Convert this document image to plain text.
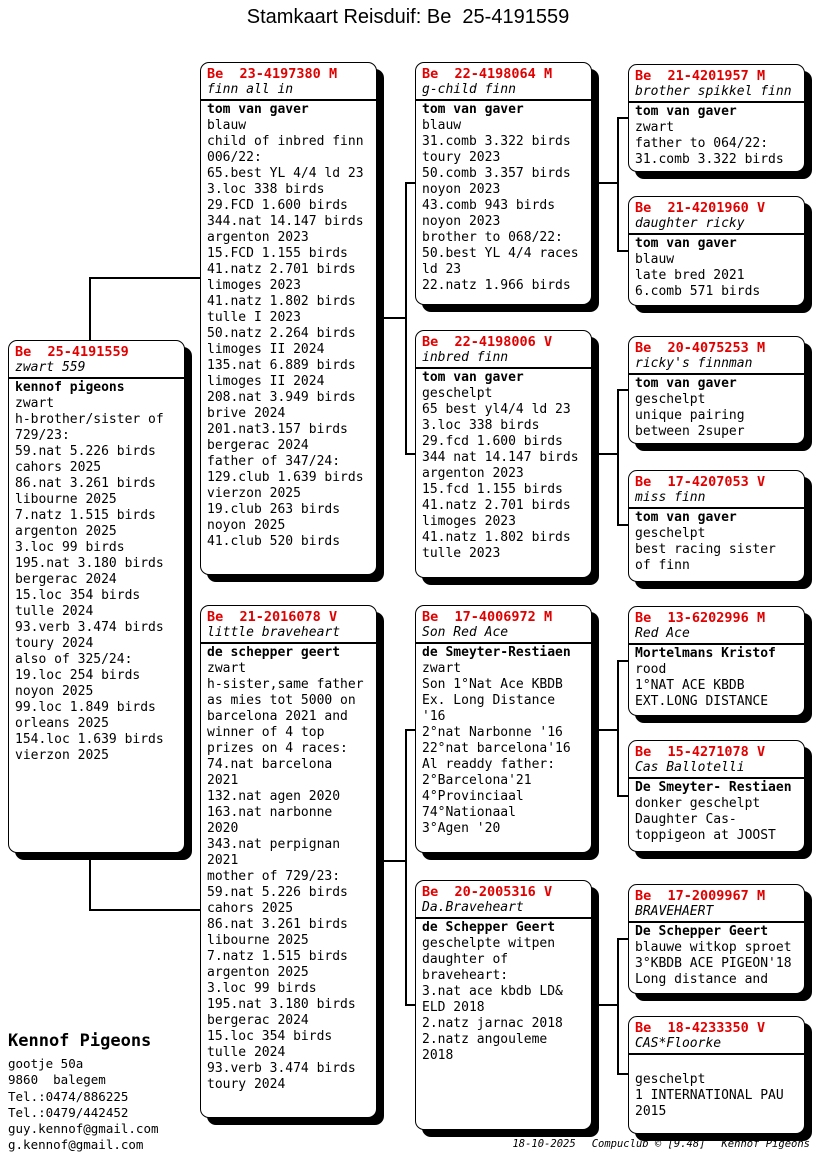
Stamkaart Reisduif: Be  25-4191559
Be 25-4191559
zwart 559
kennof pigeons
zwart
h-brother/sister of
729/23:
59.nat 5.226 birds
cahors 2025
86.nat 3.261 birds
libourne 2025
7.natz 1.515 birds
argenton 2025
3.loc 99 birds
195.nat 3.180 birds
bergerac 2024
15.loc 354 birds
tulle 2024
93.verb 3.474 birds
toury 2024
also of 325/24:
19.loc 254 birds
noyon 2025
99.loc 1.849 birds
orleans 2025
154.loc 1.639 birds
vierzon 2025
Be 23-4197380 M
finn all in
tom van gaver
blauw
child of inbred finn
006/22:
65.best YL 4/4 ld 23
3.loc 338 birds
29.FCD 1.600 birds
344.nat 14.147 birds
argenton 2023
15.FCD 1.155 birds
41.natz 2.701 birds
limoges 2023
41.natz 1.802 birds
tulle I 2023
50.natz 2.264 birds
limoges II 2024
135.nat 6.889 birds
limoges II 2024
208.nat 3.949 birds
brive 2024
201.nat3.157 birds
bergerac 2024
father of 347/24:
129.club 1.639 birds
vierzon 2025
19.club 263 birds
noyon 2025
41.club 520 birds
Be 21-2016078 V
little braveheart
de schepper geert
zwart
h-sister,same father
as mies tot 5000 on
barcelona 2021 and
winner of 4 top
prizes on 4 races:
74.nat barcelona
2021
132.nat agen 2020
163.nat narbonne
2020
343.nat perpignan
2021
mother of 729/23:
59.nat 5.226 birds
cahors 2025
86.nat 3.261 birds
libourne 2025
7.natz 1.515 birds
argenton 2025
3.loc 99 birds
195.nat 3.180 birds
bergerac 2024
15.loc 354 birds
tulle 2024
93.verb 3.474 birds
toury 2024
Be 22-4198064 M
g-child finn
tom van gaver
blauw
31.comb 3.322 birds
toury 2023
50.comb 3.357 birds
noyon 2023
43.comb 943 birds
noyon 2023
brother to 068/22:
50.best YL 4/4 races
ld 23
22.natz 1.966 birds
Be 22-4198006 V
inbred finn
tom van gaver
geschelpt
65 best yl4/4 ld 23
3.loc 338 birds
29.fcd 1.600 birds
344 nat 14.147 birds
argenton 2023
15.fcd 1.155 birds
41.natz 2.701 birds
limoges 2023
41.natz 1.802 birds
tulle 2023
Be 17-4006972 M
Son Red Ace
de Smeyter-Restiaen
zwart
Son 1°Nat Ace KBDB
Ex. Long Distance
'16
2°nat Narbonne '16
22°nat barcelona'16
Al readdy father:
2°Barcelona'21
4°Provinciaal
74°Nationaal
3°Agen '20
Be 20-2005316 V
Da.Braveheart
de Schepper Geert
geschelpte witpen
daughter of
braveheart:
3.nat ace kbdb LD&
ELD 2018
2.natz jarnac 2018
2.natz angouleme
2018
Be 21-4201957 M
brother spikkel finn
tom van gaver
zwart
father to 064/22:
31.comb 3.322 birds
Be 21-4201960 V
daughter ricky
tom van gaver
blauw
late bred 2021
6.comb 571 birds
Be 20-4075253 M
ricky's finnman
tom van gaver
geschelpt
unique pairing
between 2super
Be 17-4207053 V
miss finn
tom van gaver
geschelpt
best racing sister
of finn
Be 13-6202996 M
Red Ace
Mortelmans Kristof
rood
1°NAT ACE KBDB
EXT.LONG DISTANCE
Be 15-4271078 V
Cas Ballotelli
De Smeyter- Restiaen
donker geschelpt
Daughter Cas-
toppigeon at JOOST
Be 17-2009967 M
BRAVEHAERT
De Schepper Geert
blauwe witkop sproet
3°KBDB ACE PIGEON'18
Long distance and
Be 18-4233350 V
CAS*Floorke
geschelpt
1 INTERNATIONAL PAU
2015
Kennof Pigeons
gootje 50a
9860  balegem
Tel.:0474/886225
Tel.:0479/442452
guy.kennof@gmail.com
g.kennof@gmail.com	18-10-2025 Compuclub © [9.48] Kennof Pigeons
